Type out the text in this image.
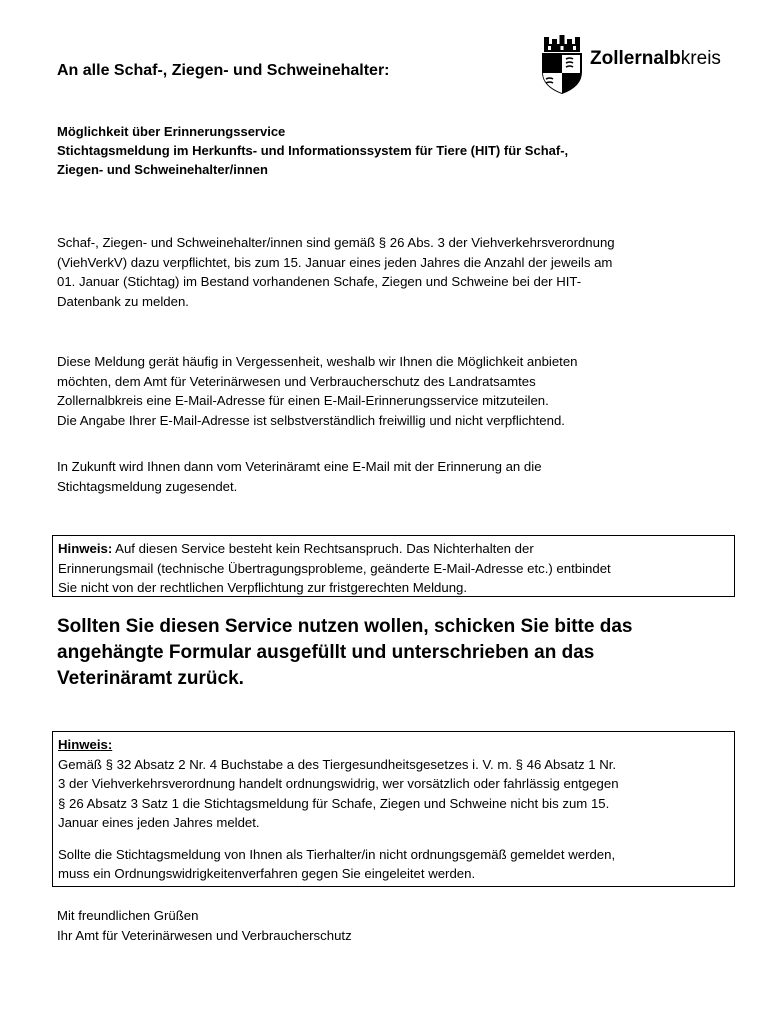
An alle Schaf-, Ziegen- und Schweinehalter:
Zollernalbkreis
Möglichkeit über Erinnerungsservice
Stichtagsmeldung im Herkunfts- und Informationssystem für Tiere (HIT) für Schaf-,
Ziegen- und Schweinehalter/innen
Schaf-, Ziegen- und Schweinehalter/innen sind gemäß § 26 Abs. 3 der Viehverkehrsverordnung
(ViehVerkV) dazu verpflichtet, bis zum 15. Januar eines jeden Jahres die Anzahl der jeweils am
01. Januar (Stichtag) im Bestand vorhandenen Schafe, Ziegen und Schweine bei der HIT-
Datenbank zu melden.
Diese Meldung gerät häufig in Vergessenheit, weshalb wir Ihnen die Möglichkeit anbieten
möchten, dem Amt für Veterinärwesen und Verbraucherschutz des Landratsamtes
Zollernalbkreis eine E-Mail-Adresse für einen E-Mail-Erinnerungsservice mitzuteilen.
Die Angabe Ihrer E-Mail-Adresse ist selbstverständlich freiwillig und nicht verpflichtend.
In Zukunft wird Ihnen dann vom Veterinäramt eine E-Mail mit der Erinnerung an die
Stichtagsmeldung zugesendet.
Hinweis: Auf diesen Service besteht kein Rechtsanspruch. Das Nichterhalten der
Erinnerungsmail (technische Übertragungsprobleme, geänderte E-Mail-Adresse etc.) entbindet
Sie nicht von der rechtlichen Verpflichtung zur fristgerechten Meldung.
Sollten Sie diesen Service nutzen wollen, schicken Sie bitte das
angehängte Formular ausgefüllt und unterschrieben an das
Veterinäramt zurück.
Hinweis:
Gemäß § 32 Absatz 2 Nr. 4 Buchstabe a des Tiergesundheitsgesetzes i. V. m. § 46 Absatz 1 Nr.
3 der Viehverkehrsverordnung handelt ordnungswidrig, wer vorsätzlich oder fahrlässig entgegen
§ 26 Absatz 3 Satz 1 die Stichtagsmeldung für Schafe, Ziegen und Schweine nicht bis zum 15.
Januar eines jeden Jahres meldet.
Sollte die Stichtagsmeldung von Ihnen als Tierhalter/in nicht ordnungsgemäß gemeldet werden,
muss ein Ordnungswidrigkeitenverfahren gegen Sie eingeleitet werden.
Mit freundlichen Grüßen
Ihr Amt für Veterinärwesen und Verbraucherschutz
